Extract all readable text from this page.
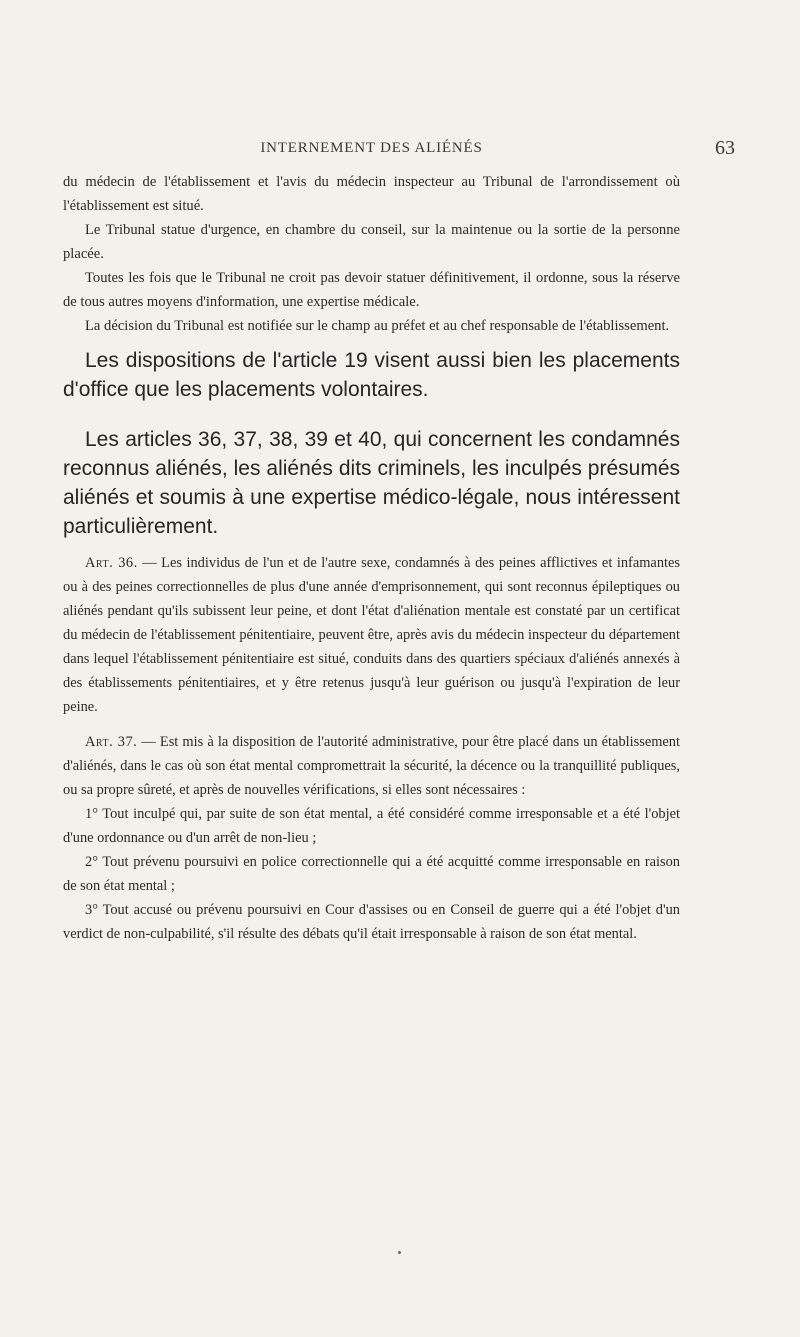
INTERNEMENT DES ALIÉNÉS	63

du médecin de l'établissement et l'avis du médecin inspecteur au Tribunal de l'arrondissement où l'établissement est situé.

Le Tribunal statue d'urgence, en chambre du conseil, sur la maintenue ou la sortie de la personne placée.

Toutes les fois que le Tribunal ne croit pas devoir statuer définitivement, il ordonne, sous la réserve de tous autres moyens d'information, une expertise médicale.

La décision du Tribunal est notifiée sur le champ au préfet et au chef responsable de l'établissement.

Les dispositions de l'article 19 visent aussi bien les placements d'office que les placements volontaires.

Les articles 36, 37, 38, 39 et 40, qui concernent les condamnés reconnus aliénés, les aliénés dits criminels, les inculpés présumés aliénés et soumis à une expertise médico-légale, nous intéressent particulièrement.

Art. 36. — Les individus de l'un et de l'autre sexe, condamnés à des peines afflictives et infamantes ou à des peines correctionnelles de plus d'une année d'emprisonnement, qui sont reconnus épileptiques ou aliénés pendant qu'ils subissent leur peine, et dont l'état d'aliénation mentale est constaté par un certificat du médecin de l'établissement pénitentiaire, peuvent être, après avis du médecin inspecteur du département dans lequel l'établissement pénitentiaire est situé, conduits dans des quartiers spéciaux d'aliénés annexés à des établissements pénitentiaires, et y être retenus jusqu'à leur guérison ou jusqu'à l'expiration de leur peine.

Art. 37. — Est mis à la disposition de l'autorité administrative, pour être placé dans un établissement d'aliénés, dans le cas où son état mental compromettrait la sécurité, la décence ou la tranquillité publiques, ou sa propre sûreté, et après de nouvelles vérifications, si elles sont nécessaires :

1° Tout inculpé qui, par suite de son état mental, a été considéré comme irresponsable et a été l'objet d'une ordonnance ou d'un arrêt de non-lieu ;

2° Tout prévenu poursuivi en police correctionnelle qui a été acquitté comme irresponsable en raison de son état mental ;

3° Tout accusé ou prévenu poursuivi en Cour d'assises ou en Conseil de guerre qui a été l'objet d'un verdict de non-culpabilité, s'il résulte des débats qu'il était irresponsable à raison de son état mental.
